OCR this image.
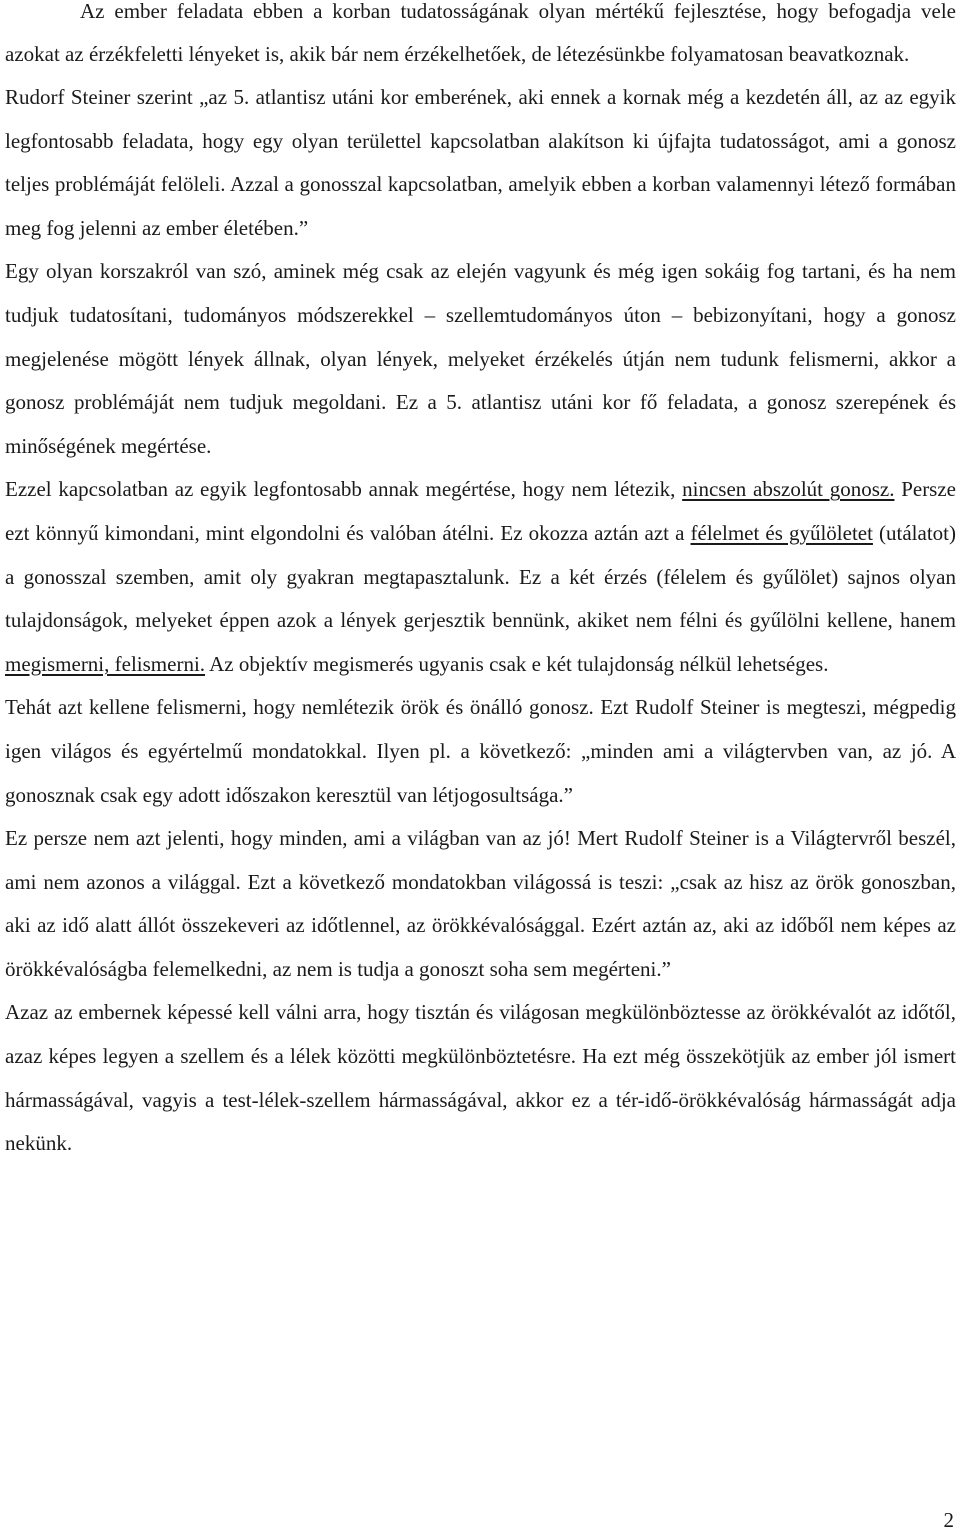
Az ember feladata ebben a korban tudatosságának olyan mértékű fejlesztése, hogy befogadja vele azokat az érzékfeletti lényeket is, akik bár nem érzékelhetőek, de létezésünkbe folyamatosan beavatkoznak.

Rudorf Steiner szerint „az 5. atlantisz utáni kor emberének, aki ennek a kornak még a kezdetén áll, az az egyik legfontosabb feladata, hogy egy olyan területtel kapcsolatban alakítson ki újfajta tudatosságot, ami a gonosz teljes problémáját felöleli. Azzal a gonosszal kapcsolatban, amelyik ebben a korban valamennyi létező formában meg fog jelenni az ember életében.”

Egy olyan korszakról van szó, aminek még csak az elején vagyunk és még igen sokáig fog tartani, és ha nem tudjuk tudatosítani, tudományos módszerekkel – szellemtudományos úton – bebizonyítani, hogy a gonosz megjelenése mögött lények állnak, olyan lények, melyeket érzékelés útján nem tudunk felismerni, akkor a gonosz problémáját nem tudjuk megoldani. Ez a 5. atlantisz utáni kor fő feladata, a gonosz szerepének és minőségének megértése.

Ezzel kapcsolatban az egyik legfontosabb annak megértése, hogy nem létezik, nincsen abszolút gonosz. Persze ezt könnyű kimondani, mint elgondolni és valóban átélni. Ez okozza aztán azt a félelmet és gyűlöletet (utálatot) a gonosszal szemben, amit oly gyakran megtapasztalunk. Ez a két érzés (félelem és gyűlölet) sajnos olyan tulajdonságok, melyeket éppen azok a lények gerjesztik bennünk, akiket nem félni és gyűlölni kellene, hanem megismerni, felismerni. Az objektív megismerés ugyanis csak e két tulajdonság nélkül lehetséges.

Tehát azt kellene felismerni, hogy nemlétezik örök és önálló gonosz. Ezt Rudolf Steiner is megteszi, mégpedig igen világos és egyértelmű mondatokkal. Ilyen pl. a következő: „minden ami a világtervben van, az jó. A gonosznak csak egy adott időszakon keresztül van létjogosultsága.”

Ez persze nem azt jelenti, hogy minden, ami a világban van az jó! Mert Rudolf Steiner is a Világtervről beszél, ami nem azonos a világgal. Ezt a következő mondatokban világossá is teszi: „csak az hisz az örök gonoszban, aki az idő alatt állót összekeveri az időtlennel, az örökkévalósággal. Ezért aztán az, aki az időből nem képes az örökkévalóságba felemelkedni, az nem is tudja a gonoszt soha sem megérteni.”

Azaz az embernek képessé kell válni arra, hogy tisztán és világosan megkülönböztesse az örökkévalót az időtől, azaz képes legyen a szellem és a lélek közötti megkülönböztetésre. Ha ezt még összekötjük az ember jól ismert hármasságával, vagyis a test-lélek-szellem hármasságával, akkor ez a tér-idő-örökkévalóság hármasságát adja nekünk.

2
